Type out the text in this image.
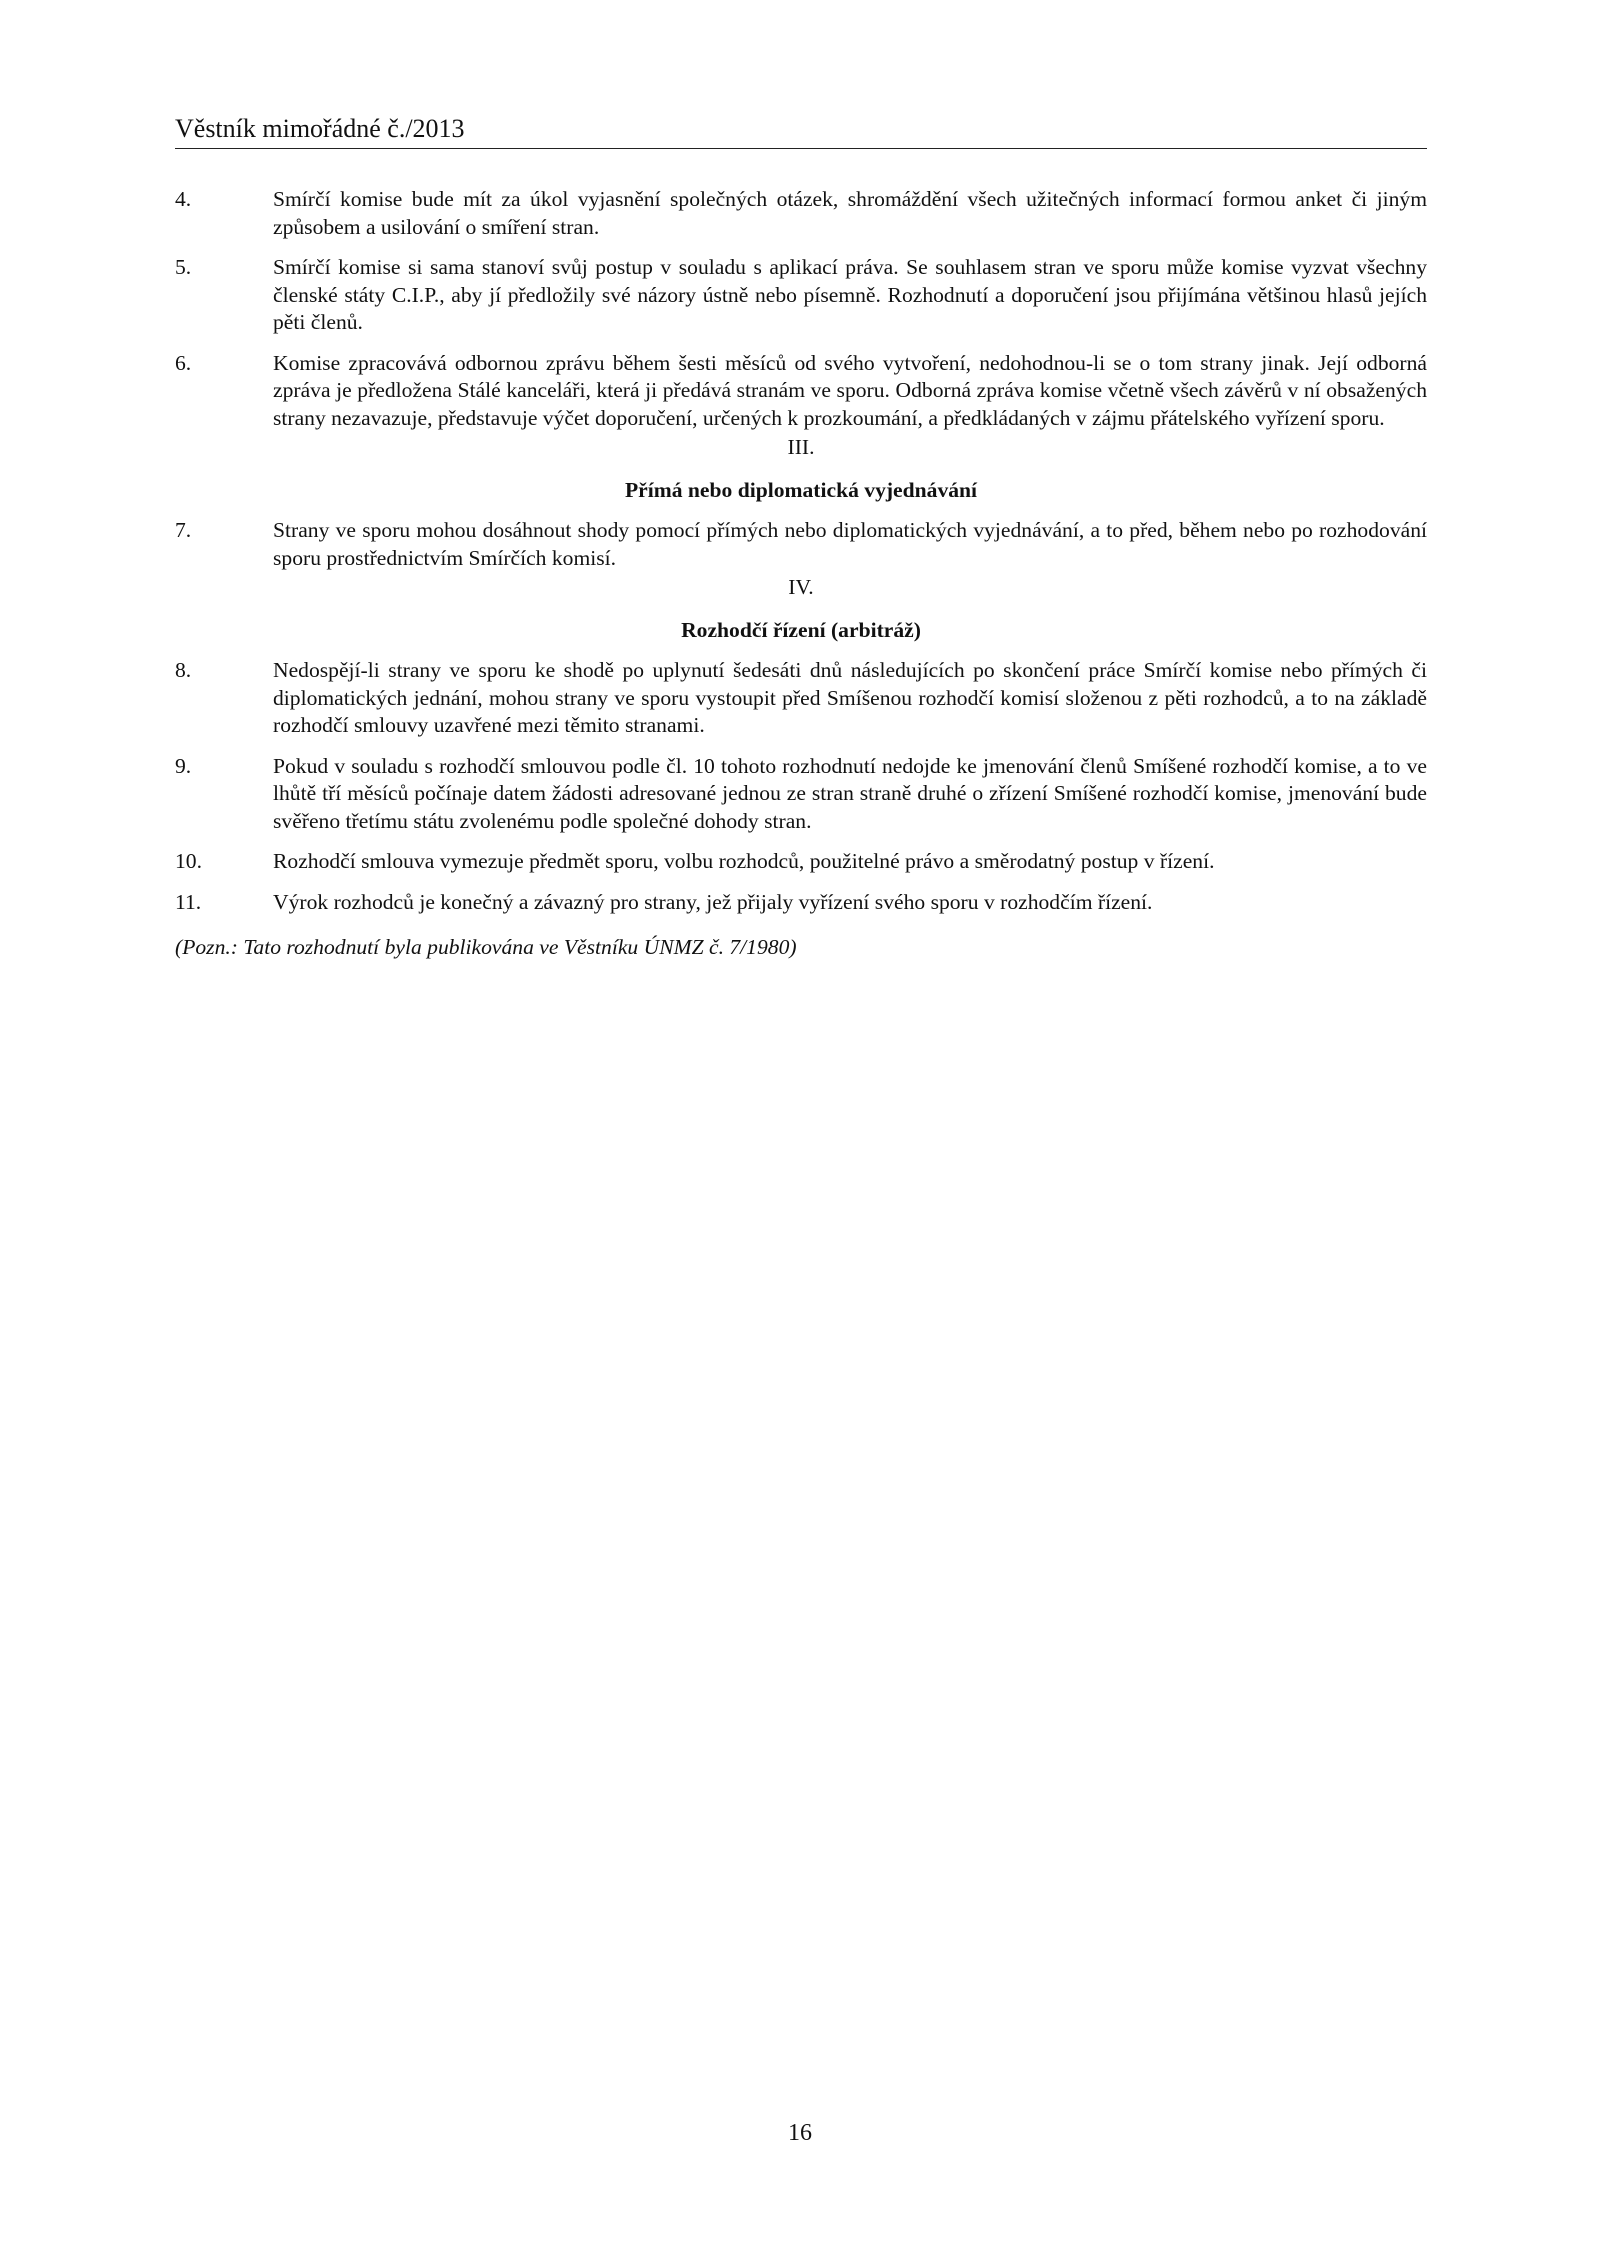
Věstník mimořádné č./2013
4.	Smírčí komise bude mít za úkol vyjasnění společných otázek, shromáždění všech užitečných informací formou anket či jiným způsobem a usilování o smíření stran.
5.	Smírčí komise si sama stanoví svůj postup v souladu s aplikací práva. Se souhlasem stran ve sporu může komise vyzvat všechny členské státy C.I.P., aby jí předložily své názory ústně nebo písemně. Rozhodnutí a doporučení jsou přijímána většinou hlasů jejích pěti členů.
6.	Komise zpracovává odbornou zprávu během šesti měsíců od svého vytvoření, nedohodnou-li se o tom strany jinak. Její odborná zpráva je předložena Stálé kanceláři, která ji předává stranám ve sporu. Odborná zpráva komise včetně všech závěrů v ní obsažených strany nezavazuje, představuje výčet doporučení, určených k prozkoumání, a předkládaných v zájmu přátelského vyřízení sporu.
III.
Přímá nebo diplomatická vyjednávání
7.	Strany ve sporu mohou dosáhnout shody pomocí přímých nebo diplomatických vyjednávání, a to před, během nebo po rozhodování sporu prostřednictvím Smírčích komisí.
IV.
Rozhodčí řízení (arbitráž)
8.	Nedospějí-li strany ve sporu ke shodě po uplynutí šedesáti dnů následujících po skončení práce Smírčí komise nebo přímých či diplomatických jednání, mohou strany ve sporu vystoupit před Smíšenou rozhodčí komisí složenou z pěti rozhodců, a to na základě rozhodčí smlouvy uzavřené mezi těmito stranami.
9.	Pokud v souladu s rozhodčí smlouvou podle čl. 10 tohoto rozhodnutí nedojde ke jmenování členů Smíšené rozhodčí komise, a to ve lhůtě tří měsíců počínaje datem žádosti adresované jednou ze stran straně druhé o zřízení Smíšené rozhodčí komise, jmenování bude svěřeno třetímu státu zvolenému podle společné dohody stran.
10.	Rozhodčí smlouva vymezuje předmět sporu, volbu rozhodců, použitelné právo a směrodatný postup v řízení.
11.	Výrok rozhodců je konečný a závazný pro strany, jež přijaly vyřízení svého sporu v rozhodčím řízení.
(Pozn.: Tato rozhodnutí byla publikována ve Věstníku ÚNMZ č. 7/1980)
16
